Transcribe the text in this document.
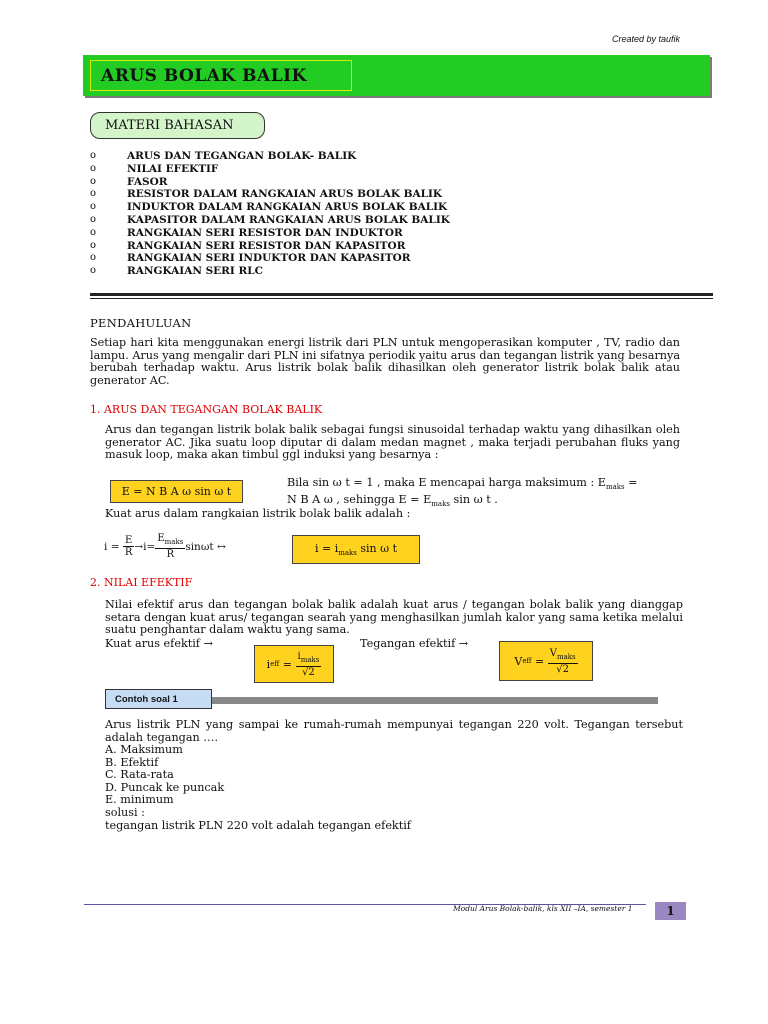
Created by taufik
ARUS BOLAK BALIK
MATERI BAHASAN
o	ARUS DAN TEGANGAN BOLAK- BALIK
o	NILAI EFEKTIF
o	FASOR
o	RESISTOR DALAM RANGKAIAN ARUS BOLAK BALIK
o	INDUKTOR DALAM RANGKAIAN ARUS BOLAK BALIK
o	KAPASITOR DALAM RANGKAIAN ARUS BOLAK BALIK
o	RANGKAIAN SERI RESISTOR DAN INDUKTOR
o	RANGKAIAN SERI RESISTOR DAN KAPASITOR
o	RANGKAIAN SERI INDUKTOR DAN KAPASITOR
o	RANGKAIAN SERI RLC
PENDAHULUAN
Setiap hari kita menggunakan energi listrik dari PLN untuk mengoperasikan komputer , TV, radio dan lampu. Arus yang mengalir dari PLN ini sifatnya periodik yaitu arus dan tegangan listrik yang besarnya berubah terhadap waktu. Arus listrik bolak balik dihasilkan oleh generator listrik bolak balik atau generator AC.
1. ARUS DAN TEGANGAN BOLAK BALIK
Arus dan tegangan listrik bolak balik sebagai fungsi sinusoidal terhadap waktu yang dihasilkan oleh generator AC. Jika suatu loop diputar di dalam medan magnet , maka terjadi perubahan fluks yang masuk loop, maka akan timbul ggl induksi yang besarnya :
E = N B A ω sin ω t
Bila sin ω t = 1 , maka E mencapai harga maksimum : $E_{maks}$ =
N B A ω , sehingga $E = E_{maks}$ sin ω t .
Kuat arus dalam rangkaian listrik bolak balik adalah :
i =
$\frac{E}{R} \to i= \frac{E_{maks}}{R}$ sinωt ↔	$i = i_{maks}$ sin ω t
2. NILAI EFEKTIF
Nilai efektif arus dan tegangan bolak balik adalah kuat arus / tegangan bolak balik yang dianggap setara dengan kuat arus/ tegangan searah yang menghasilkan jumlah kalor yang sama ketika melalui suatu penghantar dalam waktu yang sama.
Kuat arus efektif →	Tegangan efektif →
i eff = $\frac{i_{maks}}{√2}$	V eff = $\frac{V_{maks}}{√2}$
Contoh soal 1
Arus listrik PLN yang sampai ke rumah-rumah mempunyai tegangan 220 volt. Tegangan tersebut adalah tegangan ….
A. Maksimum
B. Efektif
C. Rata-rata
D. Puncak ke puncak
E. minimum
solusi :
tegangan listrik PLN 220 volt adalah tegangan efektif
Modul Arus Bolak-balik, kls XII –IA, semester 1	1
